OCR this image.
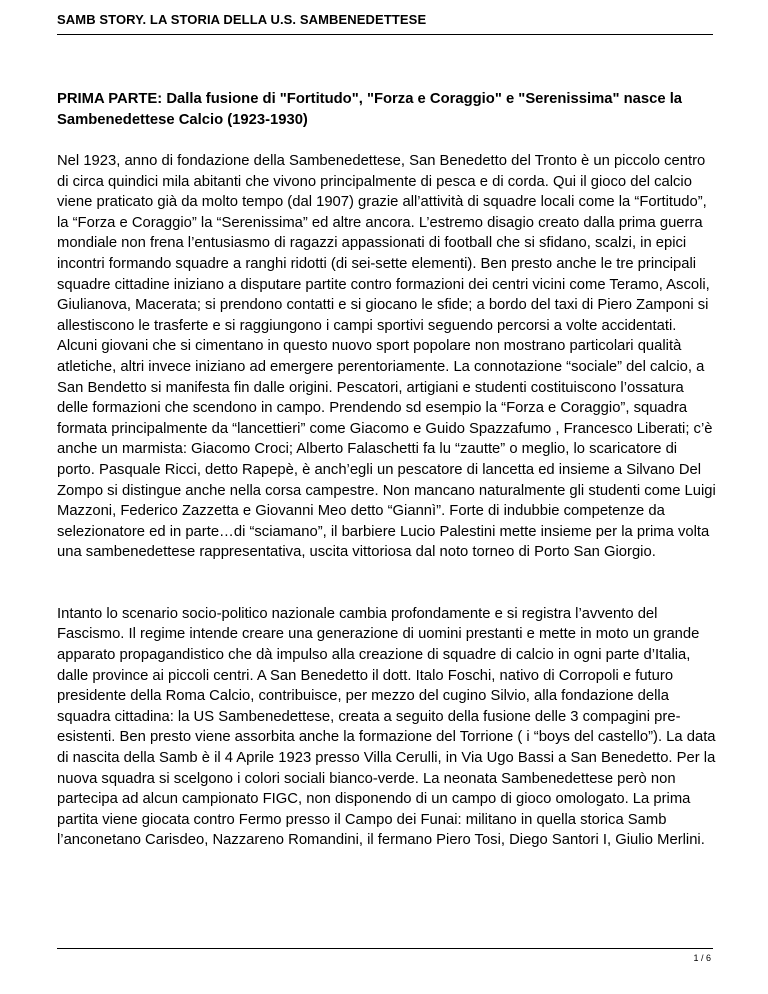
SAMB STORY. LA STORIA DELLA U.S. SAMBENEDETTESE
PRIMA PARTE: Dalla fusione di "Fortitudo", "Forza e Coraggio" e "Serenissima" nasce la Sambenedettese Calcio (1923-1930)

Nel 1923, anno di fondazione della Sambenedettese, San Benedetto del Tronto è un piccolo centro di circa quindici mila abitanti che vivono principalmente di pesca e di corda. Qui il gioco del calcio viene praticato già da molto tempo (dal 1907) grazie all’attività di squadre locali come la “Fortitudo”, la “Forza e Coraggio” la “Serenissima” ed altre ancora. L’estremo disagio creato dalla prima guerra mondiale non frena l’entusiasmo di ragazzi appassionati di football che si sfidano, scalzi, in epici incontri formando squadre a ranghi ridotti (di sei-sette elementi). Ben presto anche le tre principali squadre cittadine iniziano a disputare partite contro formazioni dei centri vicini come Teramo, Ascoli, Giulianova, Macerata; si prendono contatti e si giocano le sfide; a bordo del taxi di Piero Zamponi si allestiscono le trasferte e si raggiungono i campi sportivi seguendo percorsi a volte accidentati. Alcuni giovani che si cimentano in questo nuovo sport popolare non mostrano particolari qualità atletiche, altri invece iniziano ad emergere perentoriamente. La connotazione “sociale” del calcio, a San Bendetto si manifesta fin dalle origini. Pescatori, artigiani e studenti costituiscono l’ossatura delle formazioni che scendono in campo. Prendendo sd esempio la “Forza e Coraggio”, squadra formata principalmente da “lancettieri” come Giacomo e Guido Spazzafumo , Francesco Liberati; c’è anche un marmista: Giacomo Croci; Alberto Falaschetti fa lu “zautte” o meglio, lo scaricatore di porto. Pasquale Ricci, detto Rapepè, è anch’egli un pescatore di lancetta ed insieme a Silvano Del Zompo si distingue anche nella corsa campestre. Non mancano naturalmente gli studenti come Luigi Mazzoni, Federico Zazzetta e Giovanni Meo detto “Giannì”. Forte di indubbie competenze da selezionatore ed in parte…di “sciamano”, il barbiere Lucio Palestini mette insieme per la prima volta una sambenedettese rappresentativa, uscita vittoriosa dal noto torneo di Porto San Giorgio.

Intanto lo scenario socio-politico nazionale cambia profondamente e si registra l’avvento del Fascismo. Il regime intende creare una generazione di uomini prestanti e mette in moto un grande apparato propagandistico che dà impulso alla creazione di squadre di calcio in ogni parte d’Italia, dalle province ai piccoli centri. A San Benedetto il dott. Italo Foschi, nativo di Corropoli e futuro presidente della Roma Calcio, contribuisce, per mezzo del cugino Silvio, alla fondazione della squadra cittadina: la US Sambenedettese, creata a seguito della fusione delle 3 compagini pre-esistenti. Ben presto viene assorbita anche la formazione del Torrione ( i “boys del castello”). La data di nascita della Samb è il 4 Aprile 1923 presso Villa Cerulli, in Via Ugo Bassi a San Benedetto. Per la nuova squadra si scelgono i colori sociali bianco-verde. La neonata Sambenedettese però non partecipa ad alcun campionato FIGC, non disponendo di un campo di gioco omologato. La prima partita viene giocata contro Fermo presso il Campo dei Funai: militano in quella storica Samb l’anconetano Carisdeo, Nazzareno Romandini, il fermano Piero Tosi, Diego Santori I, Giulio Merlini.

1 / 6
